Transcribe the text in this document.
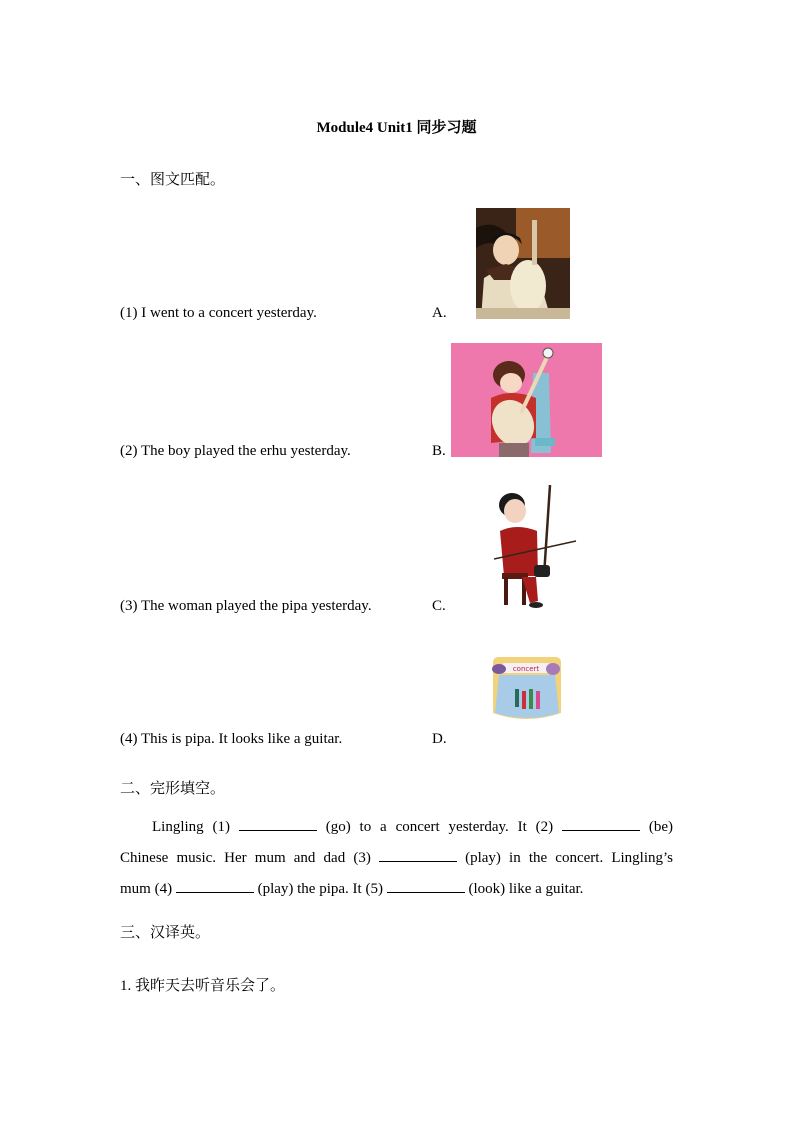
Module4 Unit1 同步习题
一、图文匹配。
(1) I went to a concert yesterday.	A.
(2) The boy played the erhu yesterday.	B.
(3) The woman played the pipa yesterday.	C.
concert
(4) This is pipa. It looks like a guitar.	D.
二、完形填空。
Lingling (1)	(go) to a concert yesterday. It (2)	(be)
Chinese music. Her mum and dad (3)	(play) in the concert. Lingling’s
mum (4)	(play) the pipa. It (5)	(look) like a guitar.
三、汉译英。
1. 我昨天去听音乐会了。
